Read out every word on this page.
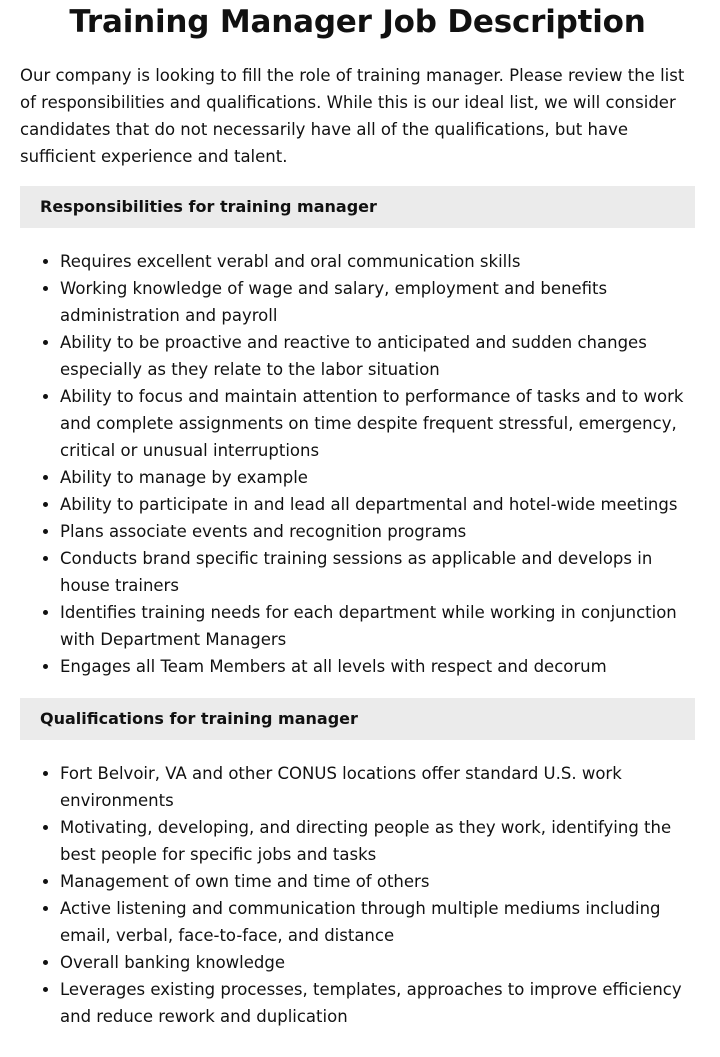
Training Manager Job Description

Our company is looking to fill the role of training manager. Please review the list of responsibilities and qualifications. While this is our ideal list, we will consider candidates that do not necessarily have all of the qualifications, but have sufficient experience and talent.

Responsibilities for training manager
• Requires excellent verabl and oral communication skills
• Working knowledge of wage and salary, employment and benefits administration and payroll
• Ability to be proactive and reactive to anticipated and sudden changes especially as they relate to the labor situation
• Ability to focus and maintain attention to performance of tasks and to work and complete assignments on time despite frequent stressful, emergency, critical or unusual interruptions
• Ability to manage by example
• Ability to participate in and lead all departmental and hotel-wide meetings
• Plans associate events and recognition programs
• Conducts brand specific training sessions as applicable and develops in house trainers
• Identifies training needs for each department while working in conjunction with Department Managers
• Engages all Team Members at all levels with respect and decorum
Qualifications for training manager
• Fort Belvoir, VA and other CONUS locations offer standard U.S. work environments
• Motivating, developing, and directing people as they work, identifying the best people for specific jobs and tasks
• Management of own time and time of others
• Active listening and communication through multiple mediums including email, verbal, face-to-face, and distance
• Overall banking knowledge
• Leverages existing processes, templates, approaches to improve efficiency and reduce rework and duplication
